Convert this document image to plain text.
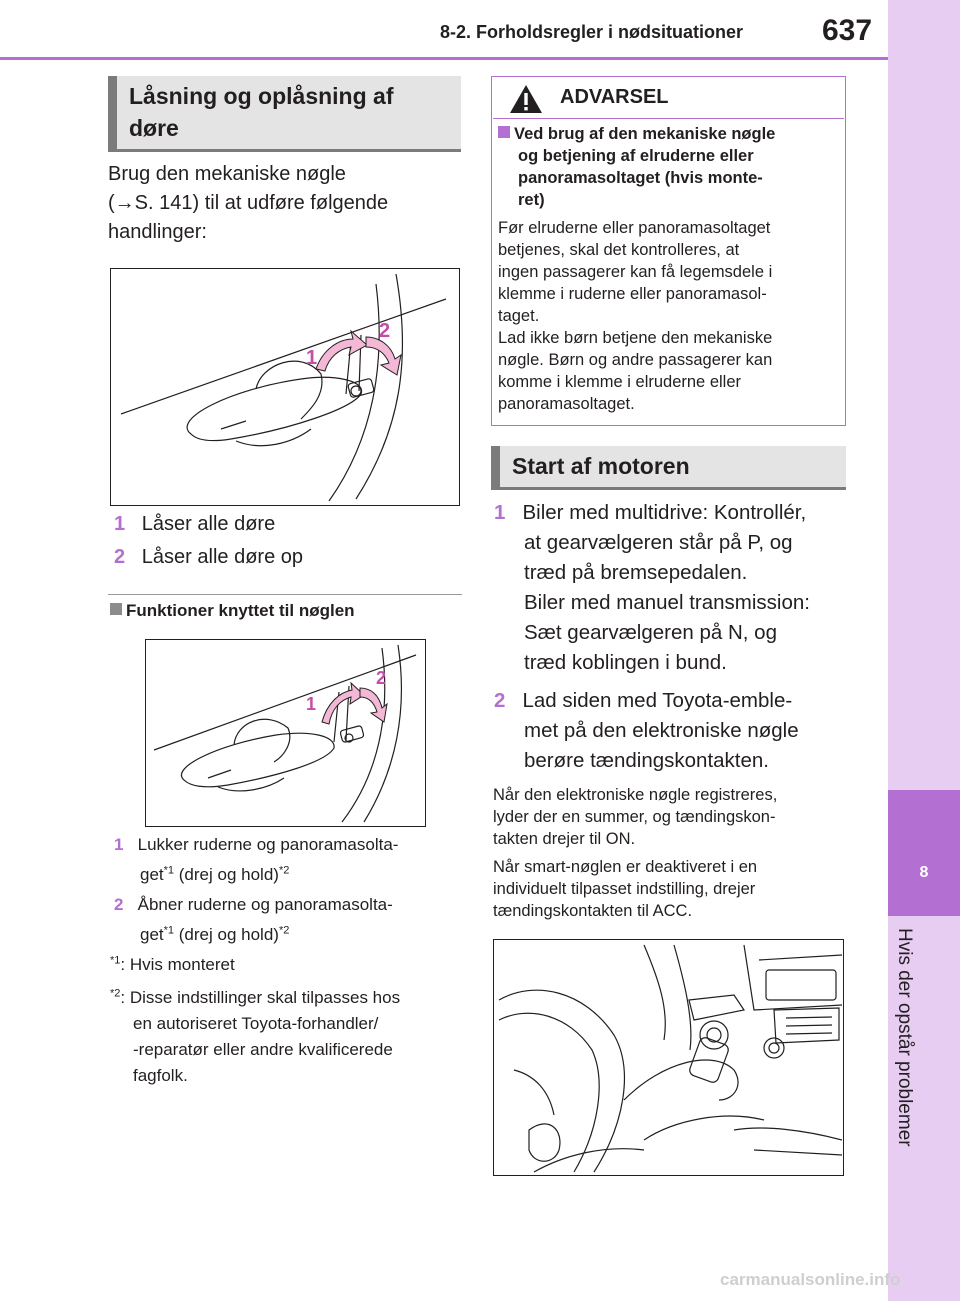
8-2. Forholdsregler i nødsituationer	637
8
Hvis der opstår problemer
Låsning og oplåsning af
døre
Brug den mekaniske nøgle
(→S. 141) til at udføre følgende
handlinger:
1
2
1 Låser alle døre
2 Låser alle døre op
Funktioner knyttet til nøglen
1
2
1 Lukker ruderne og panoramasolta-
get$^{*1}$ (drej og hold)$^{*2}$
2 Åbner ruderne og panoramasolta-
get$^{*1}$ (drej og hold)$^{*2}$
$^{*1}$: Hvis monteret
$^{*2}$: Disse indstillinger skal tilpasses hos
en autoriseret Toyota-forhandler/
-reparatør eller andre kvalificerede
fagfolk.
ADVARSEL
Ved brug af den mekaniske nøgle
og betjening af elruderne eller
panoramasoltaget (hvis monte-
ret)
Før elruderne eller panoramasoltaget
betjenes, skal det kontrolleres, at
ingen passagerer kan få legemsdele i
klemme i ruderne eller panoramasol-
taget.
Lad ikke børn betjene den mekaniske
nøgle. Børn og andre passagerer kan
komme i klemme i elruderne eller
panoramasoltaget.
Start af motoren
1 Biler med multidrive: Kontrollér,
at gearvælgeren står på P, og
træd på bremsepedalen.
Biler med manuel transmission:
Sæt gearvælgeren på N, og
træd koblingen i bund.
2 Lad siden med Toyota-emble-
met på den elektroniske nøgle
berøre tændingskontakten.
Når den elektroniske nøgle registreres,
lyder der en summer, og tændingskon-
takten drejer til ON.
Når smart-nøglen er deaktiveret i en
individuelt tilpasset indstilling, drejer
tændingskontakten til ACC.
carmanualsonline.info
